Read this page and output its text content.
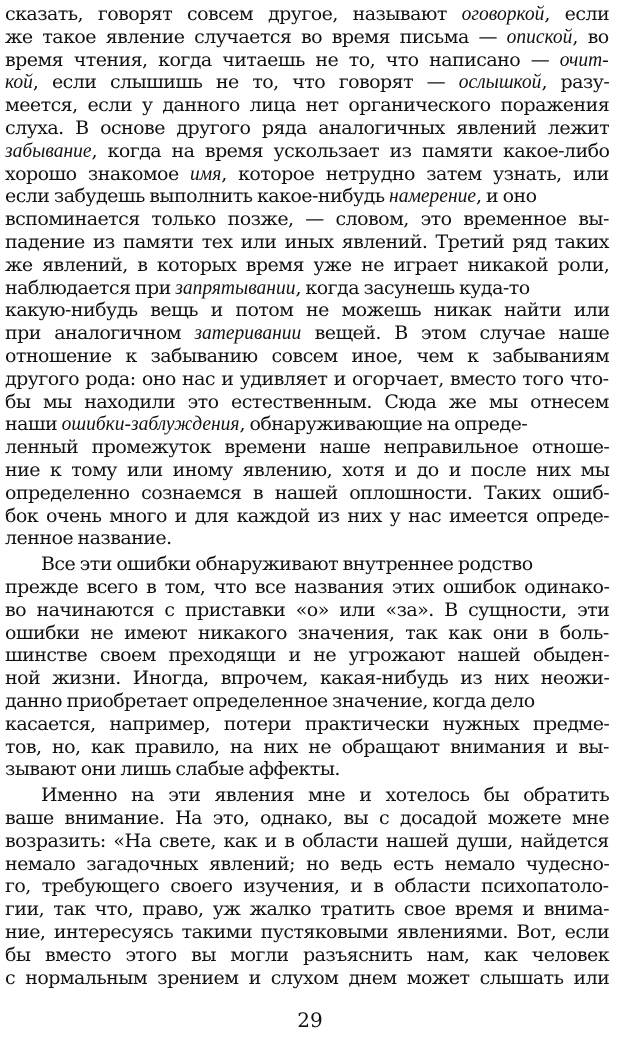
29
сказать, говорят совсем другое, называют оговоркой, если
же такое явление случается во время письма — опиской, во
время чтения, когда читаешь не то, что написано — очит-
кой, если слышишь не то, что говорят — ослышкой, разу-
меется, если у данного лица нет органического поражения
слуха. В основе другого ряда аналогичных явлений лежит
забывание, когда на время ускользает из памяти какое-либо
хорошо знакомое имя, которое нетрудно затем узнать, или
если забудешь выполнить какое-нибудь намерение, и оно
вспоминается только позже, — словом, это временное вы-
падение из памяти тех или иных явлений. Третий ряд таких
же явлений, в которых время уже не играет никакой роли,
наблюдается при запрятывании, когда засунешь куда-то
какую-нибудь вещь и потом не можешь никак найти или
при аналогичном затеривании вещей. В этом случае наше
отношение к забыванию совсем иное, чем к забываниям
другого рода: оно нас и удивляет и огорчает, вместо того что-
бы мы находили это естественным. Сюда же мы отнесем
наши ошибки-заблуждения, обнаруживающие на опреде-
ленный промежуток времени наше неправильное отноше-
ние к тому или иному явлению, хотя и до и после них мы
определенно сознаемся в нашей оплошности. Таких ошиб-
бок очень много и для каждой из них у нас имеется опреде-
ленное название.
Все эти ошибки обнаруживают внутреннее родство
прежде всего в том, что все названия этих ошибок одинако-
во начинаются с приставки «о» или «за». В сущности, эти
ошибки не имеют никакого значения, так как они в боль-
шинстве своем преходящи и не угрожают нашей обыден-
ной жизни. Иногда, впрочем, какая-нибудь из них неожи-
данно приобретает определенное значение, когда дело
касается, например, потери практически нужных предме-
тов, но, как правило, на них не обращают внимания и вы-
зывают они лишь слабые аффекты.
Именно на эти явления мне и хотелось бы обратить
ваше внимание. На это, однако, вы с досадой можете мне
возразить: «На свете, как и в области нашей души, найдется
немало загадочных явлений; но ведь есть немало чудесно-
го, требующего своего изучения, и в области психопатоло-
гии, так что, право, уж жалко тратить свое время и внима-
ние, интересуясь такими пустяковыми явлениями. Вот, если
бы вместо этого вы могли разъяснить нам, как человек
с нормальным зрением и слухом днем может слышать или
